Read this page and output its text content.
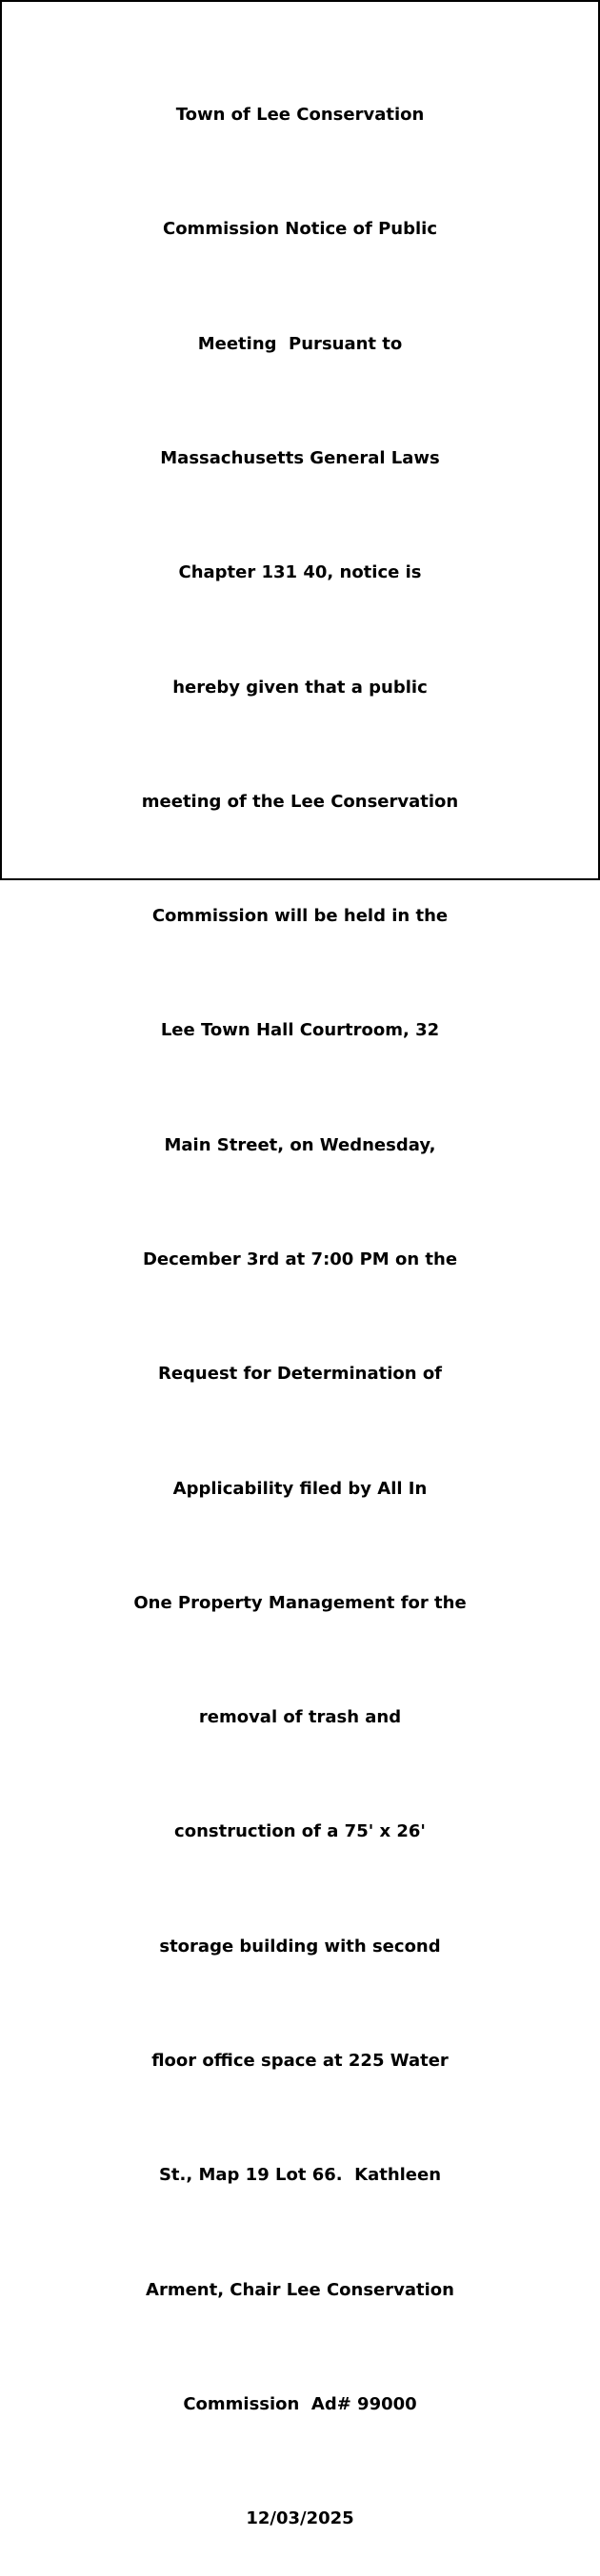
Town of Lee Conservation

Commission Notice of Public

Meeting  Pursuant to

Massachusetts General Laws

Chapter 131 40, notice is

hereby given that a public

meeting of the Lee Conservation

Commission will be held in the

Lee Town Hall Courtroom, 32

Main Street, on Wednesday,

December 3rd at 7:00 PM on the

Request for Determination of

Applicability filed by All In

One Property Management for the

removal of trash and

construction of a 75' x 26'

storage building with second

floor office space at 225 Water

St., Map 19 Lot 66.  Kathleen

Arment, Chair Lee Conservation

Commission  Ad# 99000

12/03/2025
